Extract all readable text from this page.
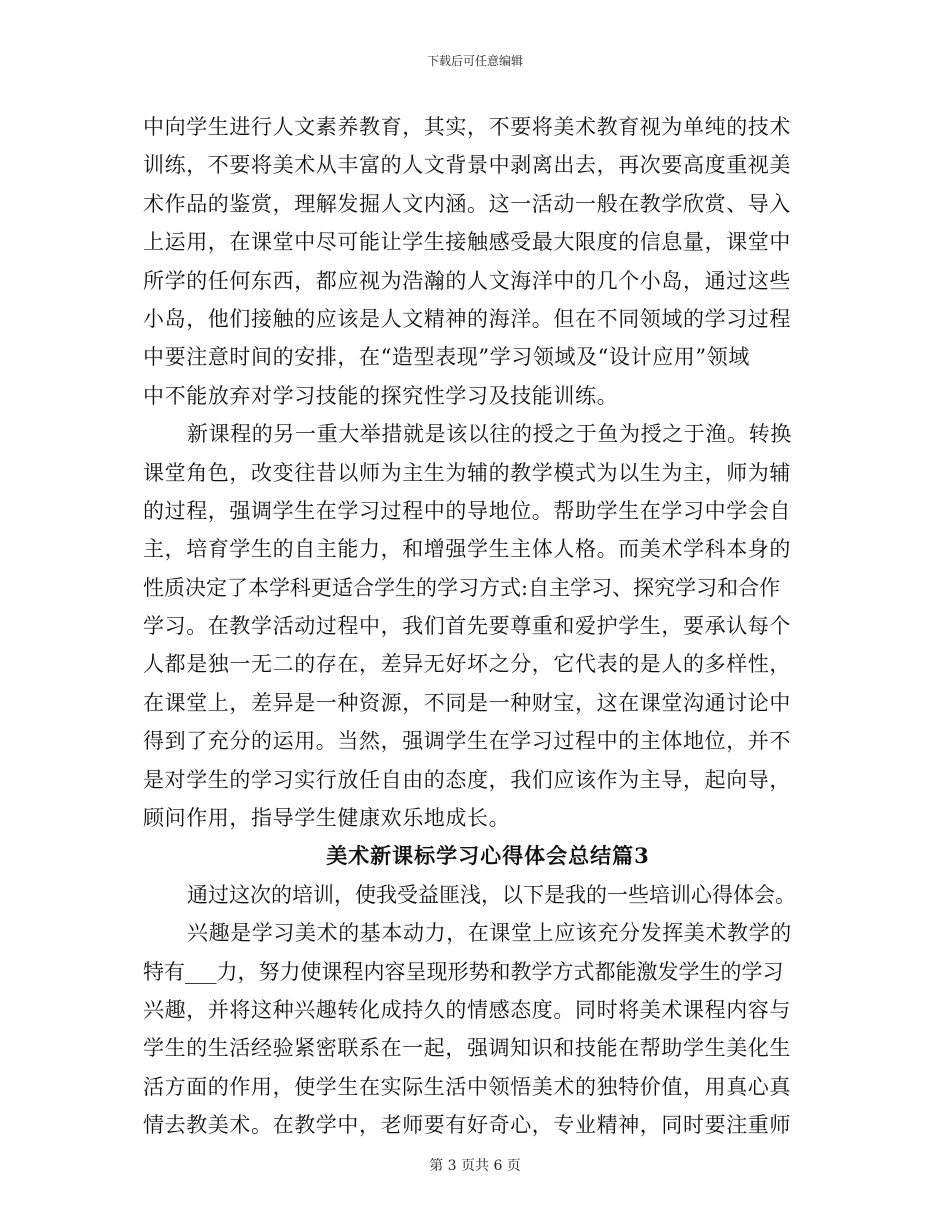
下载后可任意编辑
中向学生进行人文素养教育，其实，不要将美术教育视为单纯的技术
训练，不要将美术从丰富的人文背景中剥离出去，再次要高度重视美
术作品的鉴赏，理解发掘人文内涵。这一活动一般在教学欣赏、导入
上运用，在课堂中尽可能让学生接触感受最大限度的信息量，课堂中
所学的任何东西，都应视为浩瀚的人文海洋中的几个小岛，通过这些
小岛，他们接触的应该是人文精神的海洋。但在不同领域的学习过程
中要注意时间的安排，在“造型表现”学习领域及“设计应用”领域
中不能放弃对学习技能的探究性学习及技能训练。
新课程的另一重大举措就是该以往的授之于鱼为授之于渔。转换
课堂角色，改变往昔以师为主生为辅的教学模式为以生为主，师为辅
的过程，强调学生在学习过程中的导地位。帮助学生在学习中学会自
主，培育学生的自主能力，和增强学生主体人格。而美术学科本身的
性质决定了本学科更适合学生的学习方式:自主学习、探究学习和合作
学习。在教学活动过程中，我们首先要尊重和爱护学生，要承认每个
人都是独一无二的存在，差异无好坏之分，它代表的是人的多样性，
在课堂上，差异是一种资源，不同是一种财宝，这在课堂沟通讨论中
得到了充分的运用。当然，强调学生在学习过程中的主体地位，并不
是对学生的学习实行放任自由的态度，我们应该作为主导，起向导，
顾问作用，指导学生健康欢乐地成长。
美术新课标学习心得体会总结篇3
通过这次的培训，使我受益匪浅，以下是我的一些培训心得体会。
兴趣是学习美术的基本动力，在课堂上应该充分发挥美术教学的
特有___力，努力使课程内容呈现形势和教学方式都能激发学生的学习
兴趣，并将这种兴趣转化成持久的情感态度。同时将美术课程内容与
学生的生活经验紧密联系在一起，强调知识和技能在帮助学生美化生
活方面的作用，使学生在实际生活中领悟美术的独特价值，用真心真
情去教美术。在教学中，老师要有好奇心，专业精神，同时要注重师
第 3 页共 6 页
